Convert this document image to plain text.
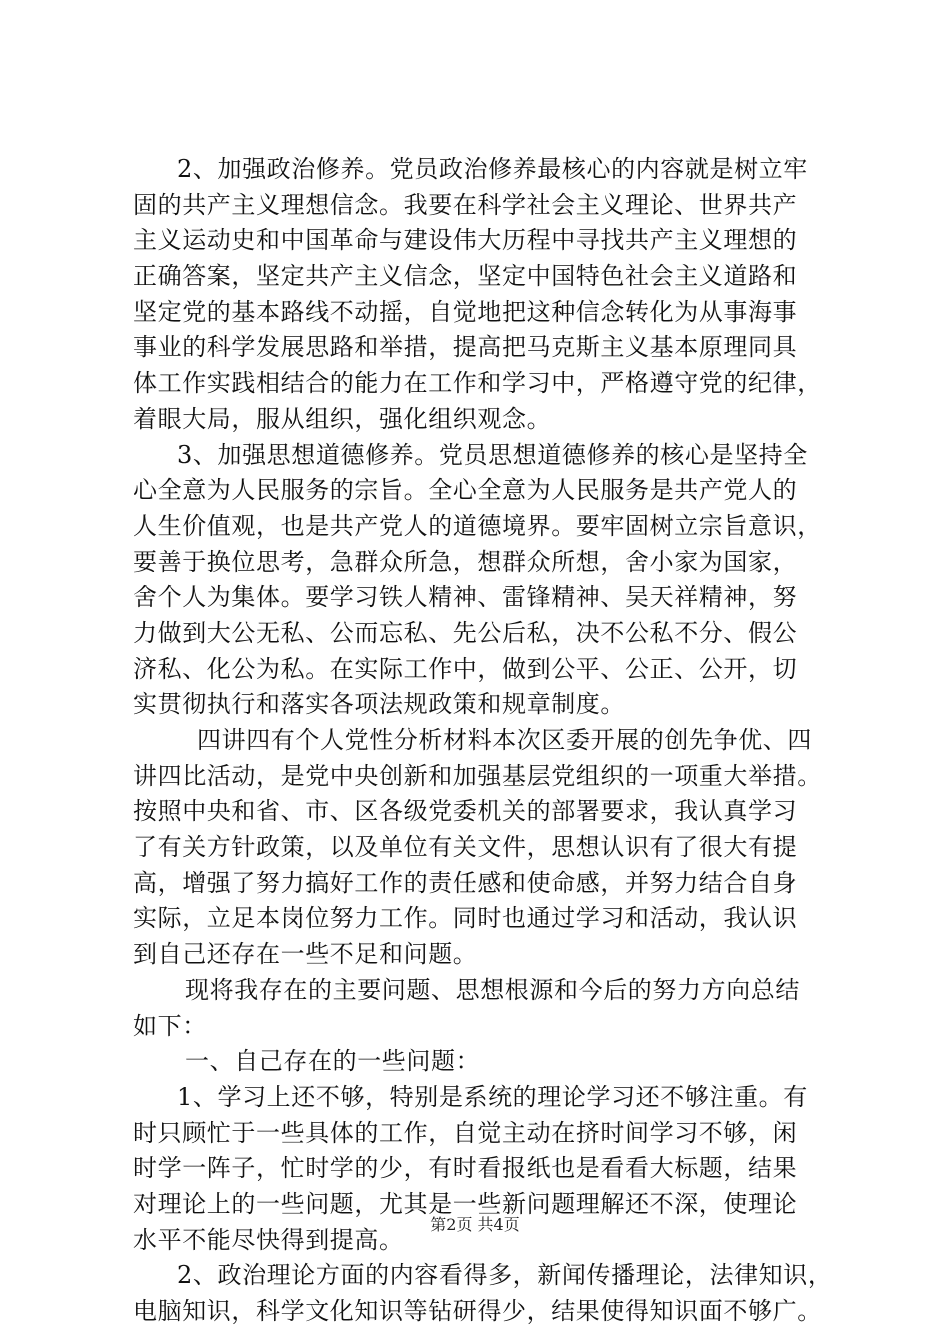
2、加强政治修养。党员政治修养最核心的内容就是树立牢
固的共产主义理想信念。我要在科学社会主义理论、世界共产
主义运动史和中国革命与建设伟大历程中寻找共产主义理想的
正确答案，坚定共产主义信念，坚定中国特色社会主义道路和
坚定党的基本路线不动摇，自觉地把这种信念转化为从事海事
事业的科学发展思路和举措，提高把马克斯主义基本原理同具
体工作实践相结合的能力在工作和学习中，严格遵守党的纪律，
着眼大局，服从组织，强化组织观念。
3、加强思想道德修养。党员思想道德修养的核心是坚持全
心全意为人民服务的宗旨。全心全意为人民服务是共产党人的
人生价值观，也是共产党人的道德境界。要牢固树立宗旨意识，
要善于换位思考，急群众所急，想群众所想，舍小家为国家，
舍个人为集体。要学习铁人精神、雷锋精神、吴天祥精神，努
力做到大公无私、公而忘私、先公后私，决不公私不分、假公
济私、化公为私。在实际工作中，做到公平、公正、公开，切
实贯彻执行和落实各项法规政策和规章制度。
四讲四有个人党性分析材料本次区委开展的创先争优、四
讲四比活动，是党中央创新和加强基层党组织的一项重大举措。
按照中央和省、市、区各级党委机关的部署要求，我认真学习
了有关方针政策，以及单位有关文件，思想认识有了很大有提
高，增强了努力搞好工作的责任感和使命感，并努力结合自身
实际，立足本岗位努力工作。同时也通过学习和活动，我认识
到自己还存在一些不足和问题。
现将我存在的主要问题、思想根源和今后的努力方向总结
如下：
一、自己存在的一些问题：
1、学习上还不够，特别是系统的理论学习还不够注重。有
时只顾忙于一些具体的工作，自觉主动在挤时间学习不够，闲
时学一阵子，忙时学的少，有时看报纸也是看看大标题，结果
对理论上的一些问题，尤其是一些新问题理解还不深，使理论
水平不能尽快得到提高。
2、政治理论方面的内容看得多，新闻传播理论，法律知识，
电脑知识，科学文化知识等钻研得少，结果使得知识面不够广。
第2页 共4页
